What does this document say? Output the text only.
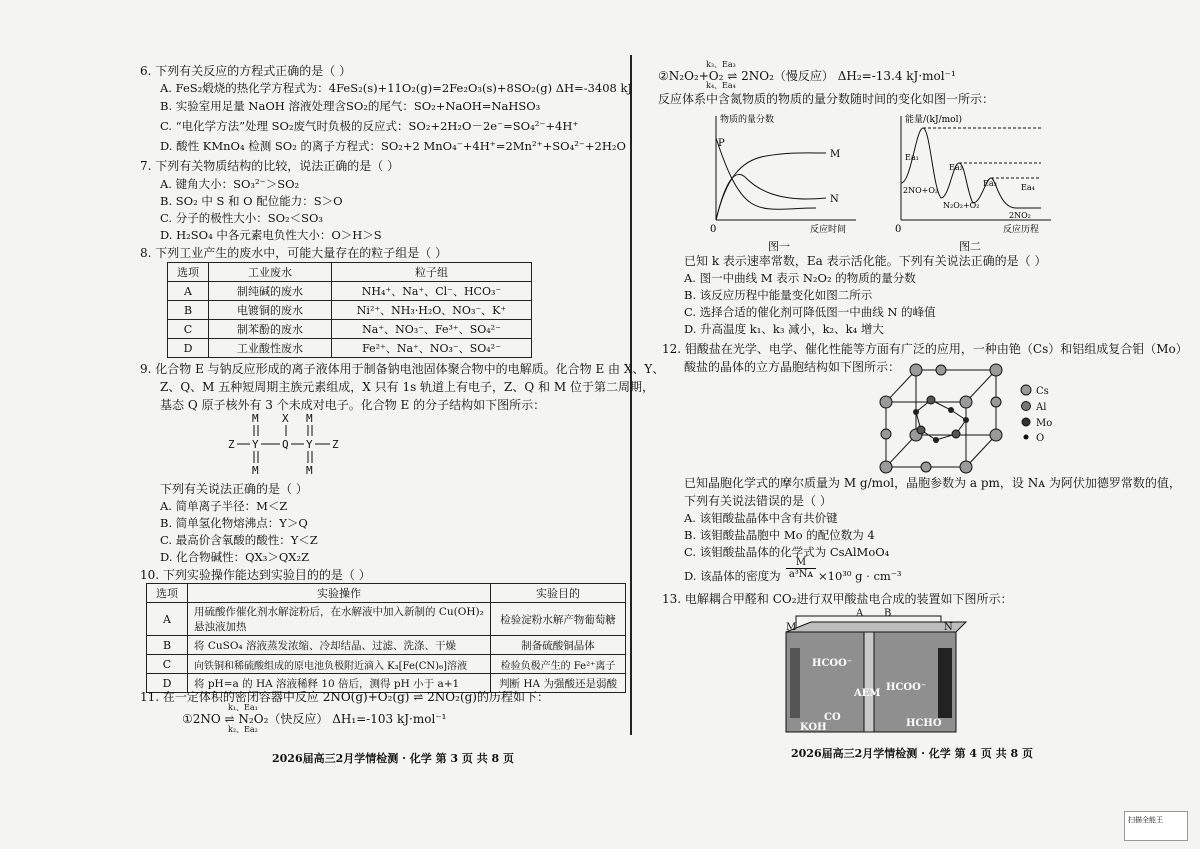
6. 下列有关反应的方程式正确的是（ ）
A. FeS₂煅烧的热化学方程式为：4FeS₂(s)+11O₂(g)=2Fe₂O₃(s)+8SO₂(g) ΔH=-3408 kJ
B. 实验室用足量 NaOH 溶液处理含SO₂的尾气：SO₂+NaOH=NaHSO₃
C. “电化学方法”处理 SO₂废气时负极的反应式：SO₂+2H₂O－2e⁻=SO₄²⁻+4H⁺
D. 酸性 KMnO₄ 检测 SO₂ 的离子方程式：SO₂+2 MnO₄⁻+4H⁺=2Mn²⁺+SO₄²⁻+2H₂O
7. 下列有关物质结构的比较，说法正确的是（ ）
A. 键角大小：SO₃²⁻＞SO₂
B. SO₂ 中 S 和 O 配位能力：S＞O
C. 分子的极性大小：SO₂＜SO₃
D. H₂SO₄ 中各元素电负性大小：O＞H＞S
8. 下列工业产生的废水中，可能大量存在的粒子组是（ ）
选项	工业废水	粒子组
A	制纯碱的废水	NH₄⁺、Na⁺、Cl⁻、HCO₃⁻
B	电镀铜的废水	Ni²⁺、NH₃·H₂O、NO₃⁻、K⁺
C	制苯酚的废水	Na⁺、NO₃⁻、Fe³⁺、SO₄²⁻
D	工业酸性废水	Fe²⁺、Na⁺、NO₃⁻、SO₄²⁻
9. 化合物 E 与钠反应形成的离子液体用于制备钠电池固体聚合物中的电解质。化合物 E 由 X、Y、
Z、Q、M 五种短周期主族元素组成，X 只有 1s 轨道上有电子，Z、Q 和 M 位于第二周期，
基态 Q 原子核外有 3 个未成对电子。化合物 E 的分子结构如下图所示：
M X M
Z Y Q Y Z
M	M
下列有关说法正确的是（ ）
A. 简单离子半径：M＜Z
B. 简单氢化物熔沸点：Y＞Q
C. 最高价含氧酸的酸性：Y＜Z
D. 化合物碱性：QX₃＞QX₂Z
10. 下列实验操作能达到实验目的的是（ ）
选项	实验操作	实验目的
A	用硫酸作催化剂水解淀粉后，在水解液中加入新制的 Cu(OH)₂ 悬浊液加热	检验淀粉水解产物葡萄糖
B	将 CuSO₄ 溶液蒸发浓缩、冷却结晶、过滤、洗涤、干燥	制备硫酸铜晶体
C	向铁铜和稀硫酸组成的原电池负极附近滴入 K₃[Fe(CN)₆]溶液	检验负极产生的 Fe²⁺离子
D	将 pH=a 的 HA 溶液稀释 10 倍后，测得 pH 小于 a+1	判断 HA 为强酸还是弱酸
11. 在一定体积的密闭容器中反应 2NO(g)+O₂(g) ⇌ 2NO₂(g)的历程如下：
k₁、Ea₁
①2NO ⇌ N₂O₂（快反应） ΔH₁=-103 kJ·mol⁻¹
k₂、Ea₂
2026届高三2月学情检测 · 化学 第 3 页 共 8 页
k₃、Ea₃
②N₂O₂+O₂ ⇌ 2NO₂（慢反应） ΔH₂=-13.4 kJ·mol⁻¹
k₄、Ea₄
反应体系中含氮物质的物质的量分数随时间的变化如图一所示：
物质的量分数
P
M
N
0	反应时间
图一
能量/(kJ/mol)
Ea₁
Ea₂
Ea₃	Ea₄
2NO+O₂
N₂O₂+O₂
2NO₂
0	反应历程
图二
已知 k 表示速率常数，Ea 表示活化能。下列有关说法正确的是（ ）
A. 图一中曲线 M 表示 N₂O₂ 的物质的量分数
B. 该反应历程中能量变化如图二所示
C. 选择合适的催化剂可降低图一中曲线 N 的峰值
D. 升高温度 k₁、k₃ 减小，k₂、k₄ 增大
12. 钼酸盐在光学、电学、催化性能等方面有广泛的应用，一种由铯（Cs）和铝组成复合钼（Mo）
酸盐的晶体的立方晶胞结构如下图所示：
Cs
Al
Mo
O
已知晶胞化学式的摩尔质量为 M g/mol，晶胞参数为 a pm，设 Nᴀ 为阿伏加德罗常数的值，
下列有关说法错误的是（ ）
A. 该钼酸盐晶体中含有共价键
B. 该钼酸盐晶胞中 Mo 的配位数为 4
C. 该钼酸盐晶体的化学式为 CsAlMoO₄
D. 该晶体的密度为 $\frac{M}{\text{a³Nᴀ}} \times 10^{30}$ g · cm⁻³
13. 电解耦合甲醛和 CO₂进行双甲酸盐电合成的装置如下图所示：
A B
M	N
HCOO⁻
HCOO⁻
AEM
CO
KOH	HCHO
2026届高三2月学情检测 · 化学 第 4 页 共 8 页
扫描全能王
